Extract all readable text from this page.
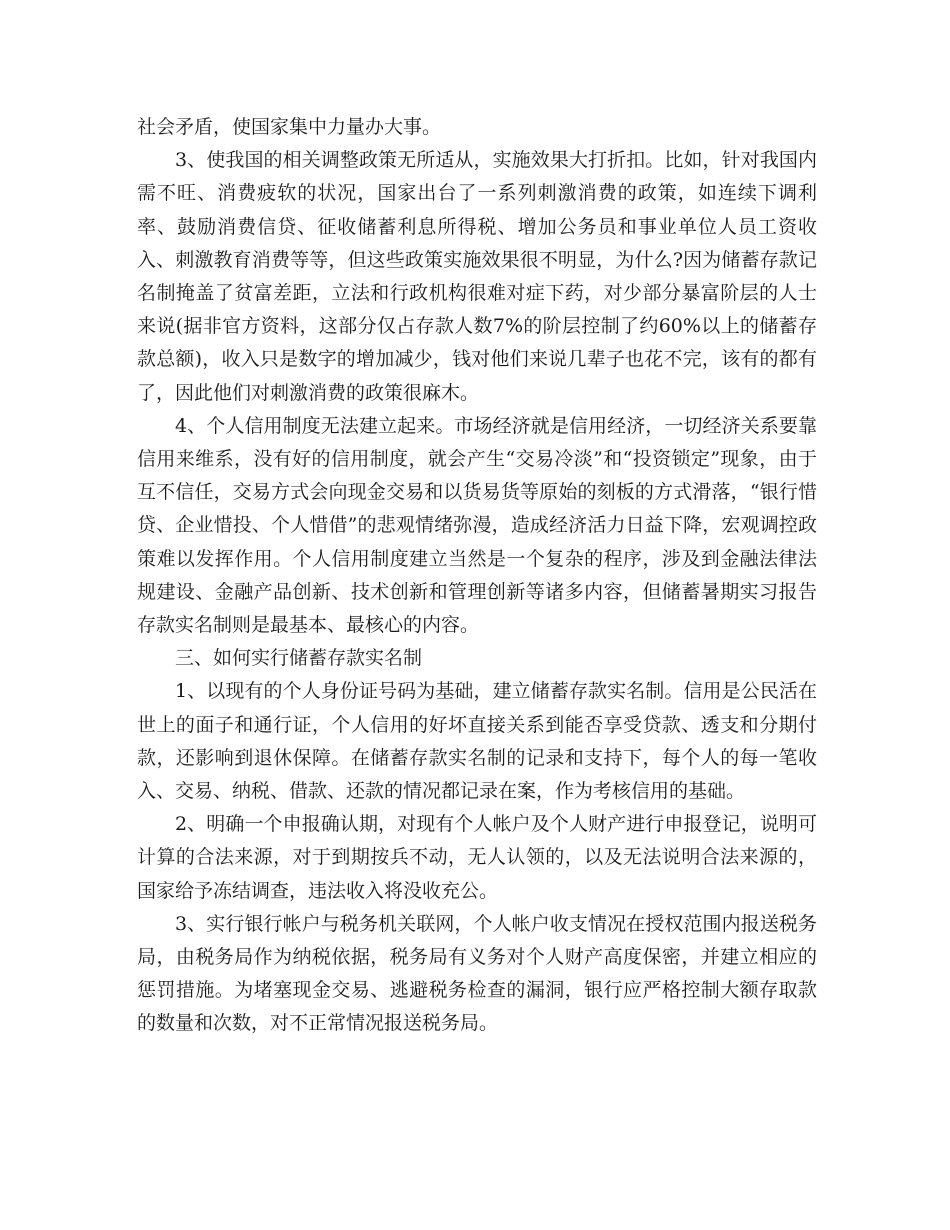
社会矛盾，使国家集中力量办大事。

3、使我国的相关调整政策无所适从，实施效果大打折扣。比如，针对我国内需不旺、消费疲软的状况，国家出台了一系列刺激消费的政策，如连续下调利率、鼓励消费信贷、征收储蓄利息所得税、增加公务员和事业单位人员工资收入、刺激教育消费等等，但这些政策实施效果很不明显，为什么?因为储蓄存款记名制掩盖了贫富差距，立法和行政机构很难对症下药，对少部分暴富阶层的人士来说(据非官方资料，这部分仅占存款人数7%的阶层控制了约60%以上的储蓄存款总额)，收入只是数字的增加减少，钱对他们来说几辈子也花不完，该有的都有了，因此他们对刺激消费的政策很麻木。

4、个人信用制度无法建立起来。市场经济就是信用经济，一切经济关系要靠信用来维系，没有好的信用制度，就会产生“交易冷淡”和“投资锁定”现象，由于互不信任，交易方式会向现金交易和以货易货等原始的刻板的方式滑落，“银行惜贷、企业惜投、个人惜借”的悲观情绪弥漫，造成经济活力日益下降，宏观调控政策难以发挥作用。个人信用制度建立当然是一个复杂的程序，涉及到金融法律法规建设、金融产品创新、技术创新和管理创新等诸多内容，但储蓄暑期实习报告存款实名制则是最基本、最核心的内容。

三、如何实行储蓄存款实名制

1、以现有的个人身份证号码为基础，建立储蓄存款实名制。信用是公民活在世上的面子和通行证，个人信用的好坏直接关系到能否享受贷款、透支和分期付款，还影响到退休保障。在储蓄存款实名制的记录和支持下，每个人的每一笔收入、交易、纳税、借款、还款的情况都记录在案，作为考核信用的基础。

2、明确一个申报确认期，对现有个人帐户及个人财产进行申报登记，说明可计算的合法来源，对于到期按兵不动，无人认领的，以及无法说明合法来源的，国家给予冻结调查，违法收入将没收充公。

3、实行银行帐户与税务机关联网，个人帐户收支情况在授权范围内报送税务局，由税务局作为纳税依据，税务局有义务对个人财产高度保密，并建立相应的惩罚措施。为堵塞现金交易、逃避税务检查的漏洞，银行应严格控制大额存取款的数量和次数，对不正常情况报送税务局。
